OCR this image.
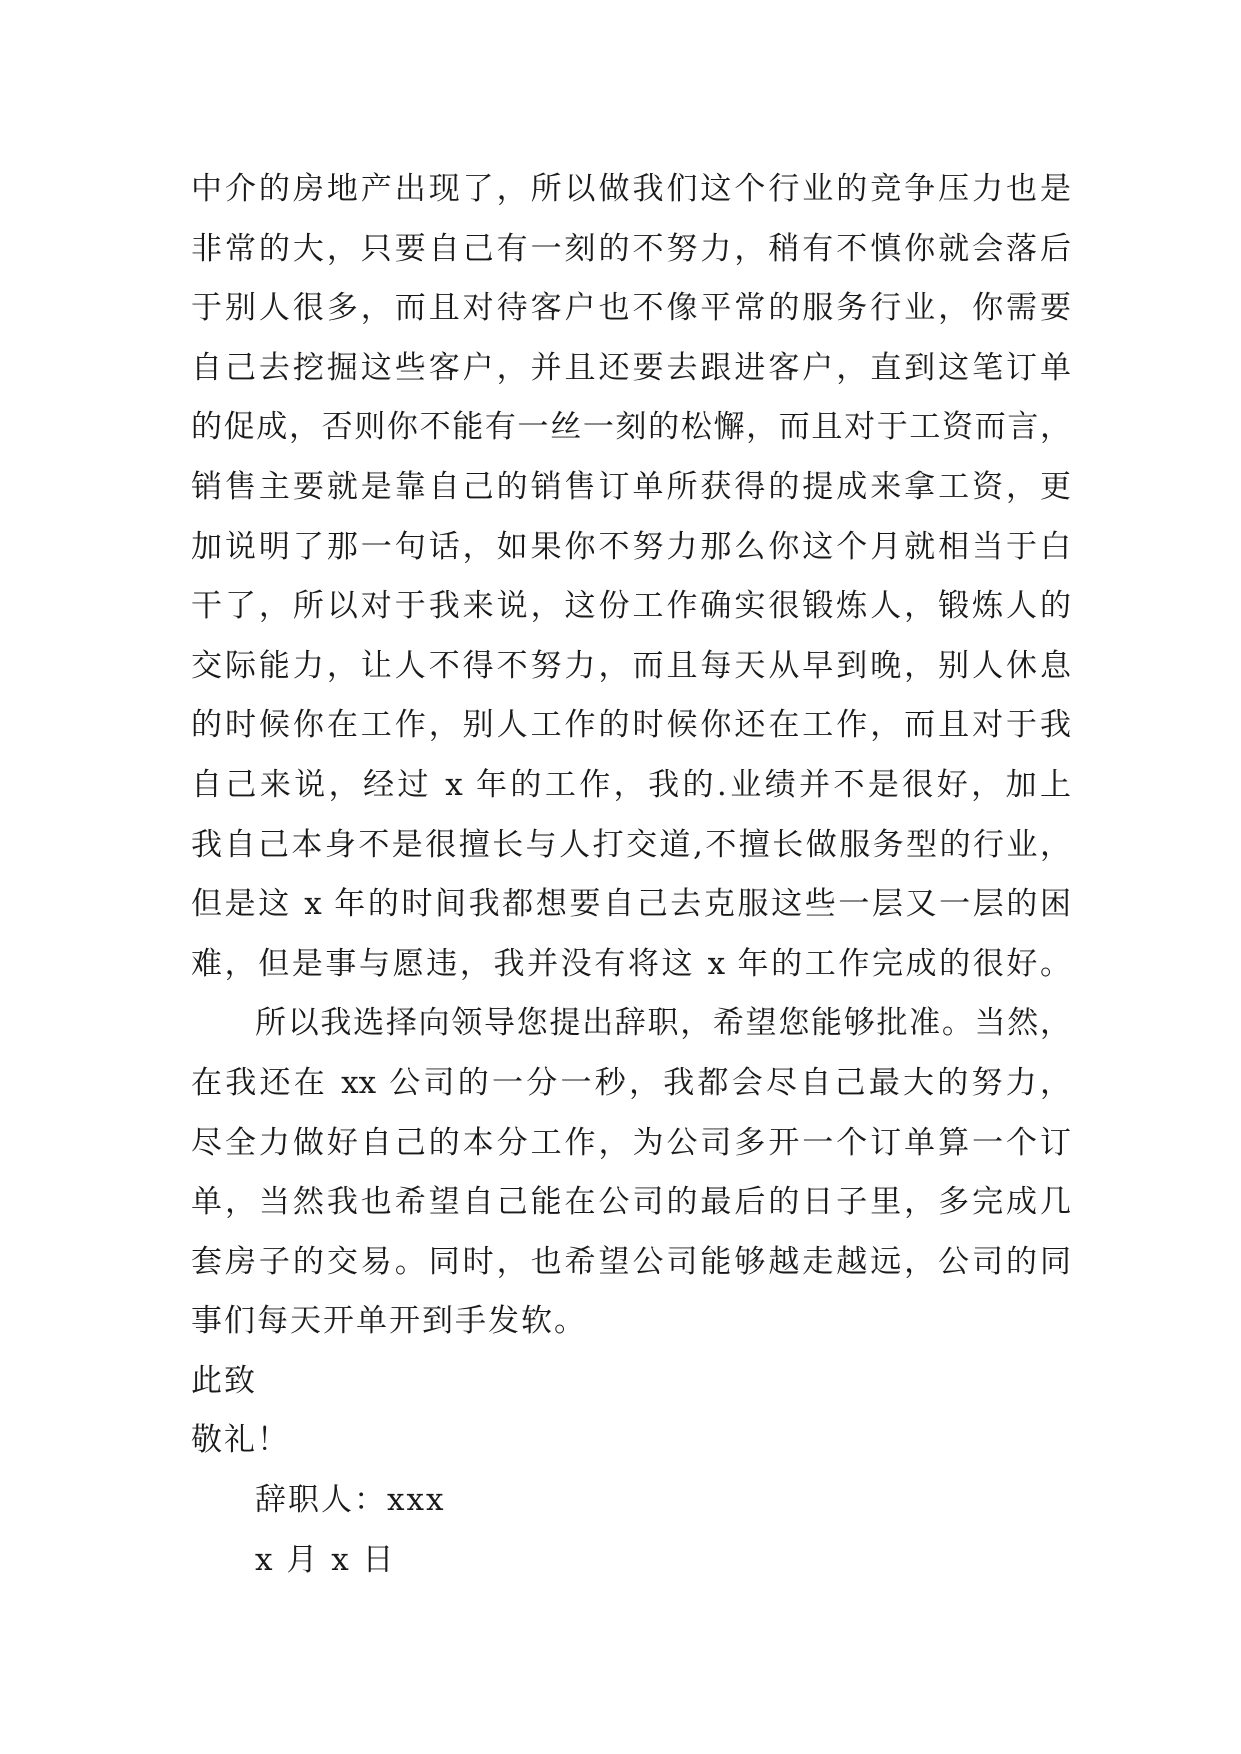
中介的房地产出现了，所以做我们这个行业的竞争压力也是
非常的大，只要自己有一刻的不努力，稍有不慎你就会落后
于别人很多，而且对待客户也不像平常的服务行业，你需要
自己去挖掘这些客户，并且还要去跟进客户，直到这笔订单
的促成，否则你不能有一丝一刻的松懈，而且对于工资而言，
销售主要就是靠自己的销售订单所获得的提成来拿工资，更
加说明了那一句话，如果你不努力那么你这个月就相当于白
干了，所以对于我来说，这份工作确实很锻炼人，锻炼人的
交际能力，让人不得不努力，而且每天从早到晚，别人休息
的时候你在工作，别人工作的时候你还在工作，而且对于我
自己来说，经过 x 年的工作，我的.业绩并不是很好，加上
我自己本身不是很擅长与人打交道,不擅长做服务型的行业，
但是这 x 年的时间我都想要自己去克服这些一层又一层的困
难，但是事与愿违，我并没有将这 x 年的工作完成的很好。
所以我选择向领导您提出辞职，希望您能够批准。当然，
在我还在 xx 公司的一分一秒，我都会尽自己最大的努力，
尽全力做好自己的本分工作，为公司多开一个订单算一个订
单，当然我也希望自己能在公司的最后的日子里，多完成几
套房子的交易。同时，也希望公司能够越走越远，公司的同
事们每天开单开到手发软。
此致
敬礼！
辞职人：xxx
x 月 x 日
